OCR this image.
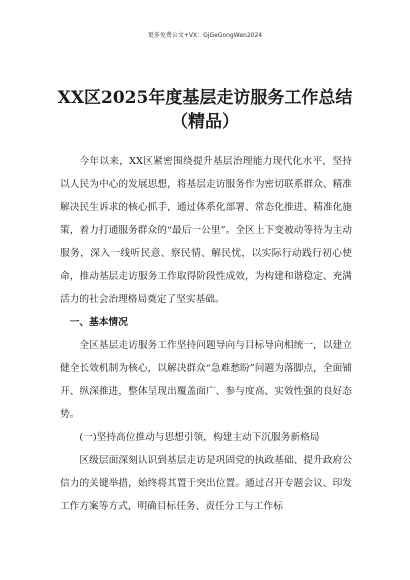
更多免费公文+VX：GjGeGongWen2024
XX区2025年度基层走访服务工作总结
（精品）

今年以来，XX区紧密围绕提升基层治理能力现代化水平，坚持以人民为中心的发展思想，将基层走访服务作为密切联系群众、精准解决民生诉求的核心抓手，通过体系化部署、常态化推进、精准化施策，着力打通服务群众的“最后一公里”。全区上下变被动等待为主动服务，深入一线听民意、察民情、解民忧，以实际行动践行初心使命，推动基层走访服务工作取得阶段性成效，为构建和谐稳定、充满活力的社会治理格局奠定了坚实基础。

一、基本情况

全区基层走访服务工作坚持问题导向与目标导向相统一，以建立健全长效机制为核心，以解决群众“急难愁盼”问题为落脚点，全面铺开、纵深推进，整体呈现出覆盖面广、参与度高、实效性强的良好态势。

(一)坚持高位推动与思想引领，构建主动下沉服务新格局

区级层面深刻认识到基层走访是巩固党的执政基础、提升政府公信力的关键举措，始终将其置于突出位置。通过召开专题会议、印发工作方案等方式，明确目标任务、责任分工与工作标
